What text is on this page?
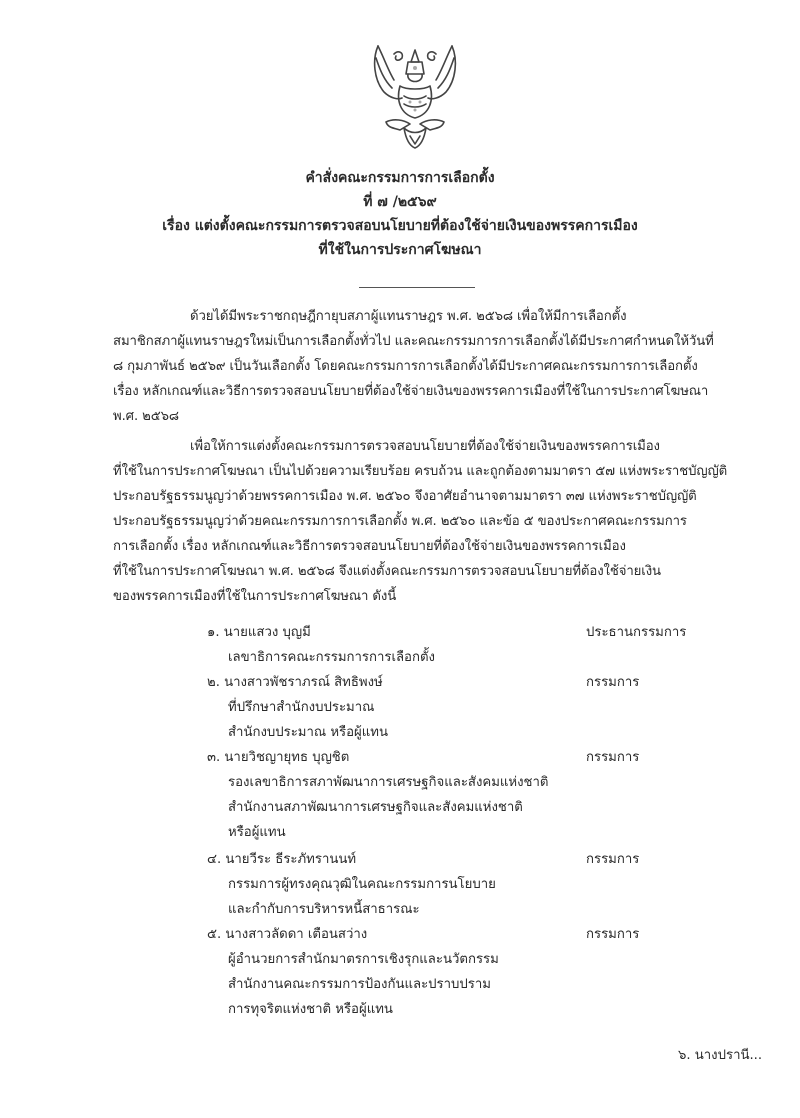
คำสั่งคณะกรรมการการเลือกตั้ง
ที่ ๗ /๒๕๖๙
เรื่อง แต่งตั้งคณะกรรมการตรวจสอบนโยบายที่ต้องใช้จ่ายเงินของพรรคการเมือง
ที่ใช้ในการประกาศโฆษณา
ด้วยได้มีพระราชกฤษฎีกายุบสภาผู้แทนราษฎร พ.ศ. ๒๕๖๘ เพื่อให้มีการเลือกตั้ง
สมาชิกสภาผู้แทนราษฎรใหม่เป็นการเลือกตั้งทั่วไป และคณะกรรมการการเลือกตั้งได้มีประกาศกำหนดให้วันที่
๘ กุมภาพันธ์ ๒๕๖๙ เป็นวันเลือกตั้ง โดยคณะกรรมการการเลือกตั้งได้มีประกาศคณะกรรมการการเลือกตั้ง
เรื่อง หลักเกณฑ์และวิธีการตรวจสอบนโยบายที่ต้องใช้จ่ายเงินของพรรคการเมืองที่ใช้ในการประกาศโฆษณา
พ.ศ. ๒๕๖๘
เพื่อให้การแต่งตั้งคณะกรรมการตรวจสอบนโยบายที่ต้องใช้จ่ายเงินของพรรคการเมือง
ที่ใช้ในการประกาศโฆษณา เป็นไปด้วยความเรียบร้อย ครบถ้วน และถูกต้องตามมาตรา ๕๗ แห่งพระราชบัญญัติ
ประกอบรัฐธรรมนูญว่าด้วยพรรคการเมือง พ.ศ. ๒๕๖๐ จึงอาศัยอำนาจตามมาตรา ๓๗ แห่งพระราชบัญญัติ
ประกอบรัฐธรรมนูญว่าด้วยคณะกรรมการการเลือกตั้ง พ.ศ. ๒๕๖๐ และข้อ ๕ ของประกาศคณะกรรมการ
การเลือกตั้ง เรื่อง หลักเกณฑ์และวิธีการตรวจสอบนโยบายที่ต้องใช้จ่ายเงินของพรรคการเมือง
ที่ใช้ในการประกาศโฆษณา พ.ศ. ๒๕๖๘ จึงแต่งตั้งคณะกรรมการตรวจสอบนโยบายที่ต้องใช้จ่ายเงิน
ของพรรคการเมืองที่ใช้ในการประกาศโฆษณา ดังนี้
๑. นายแสวง บุญมี	ประธานกรรมการ
เลขาธิการคณะกรรมการการเลือกตั้ง
๒. นางสาวพัชราภรณ์ สิทธิพงษ์	กรรมการ
ที่ปรึกษาสำนักงบประมาณ
สำนักงบประมาณ หรือผู้แทน
๓. นายวิชญายุทธ บุญชิต	กรรมการ
รองเลขาธิการสภาพัฒนาการเศรษฐกิจและสังคมแห่งชาติ
สำนักงานสภาพัฒนาการเศรษฐกิจและสังคมแห่งชาติ
หรือผู้แทน
๔. นายวีระ ธีระภัทรานนท์	กรรมการ
กรรมการผู้ทรงคุณวุฒิในคณะกรรมการนโยบาย
และกำกับการบริหารหนี้สาธารณะ
๕. นางสาวลัดดา เตือนสว่าง	กรรมการ
ผู้อำนวยการสำนักมาตรการเชิงรุกและนวัตกรรม
สำนักงานคณะกรรมการป้องกันและปราบปราม
การทุจริตแห่งชาติ หรือผู้แทน
๖. นางปรานี...
